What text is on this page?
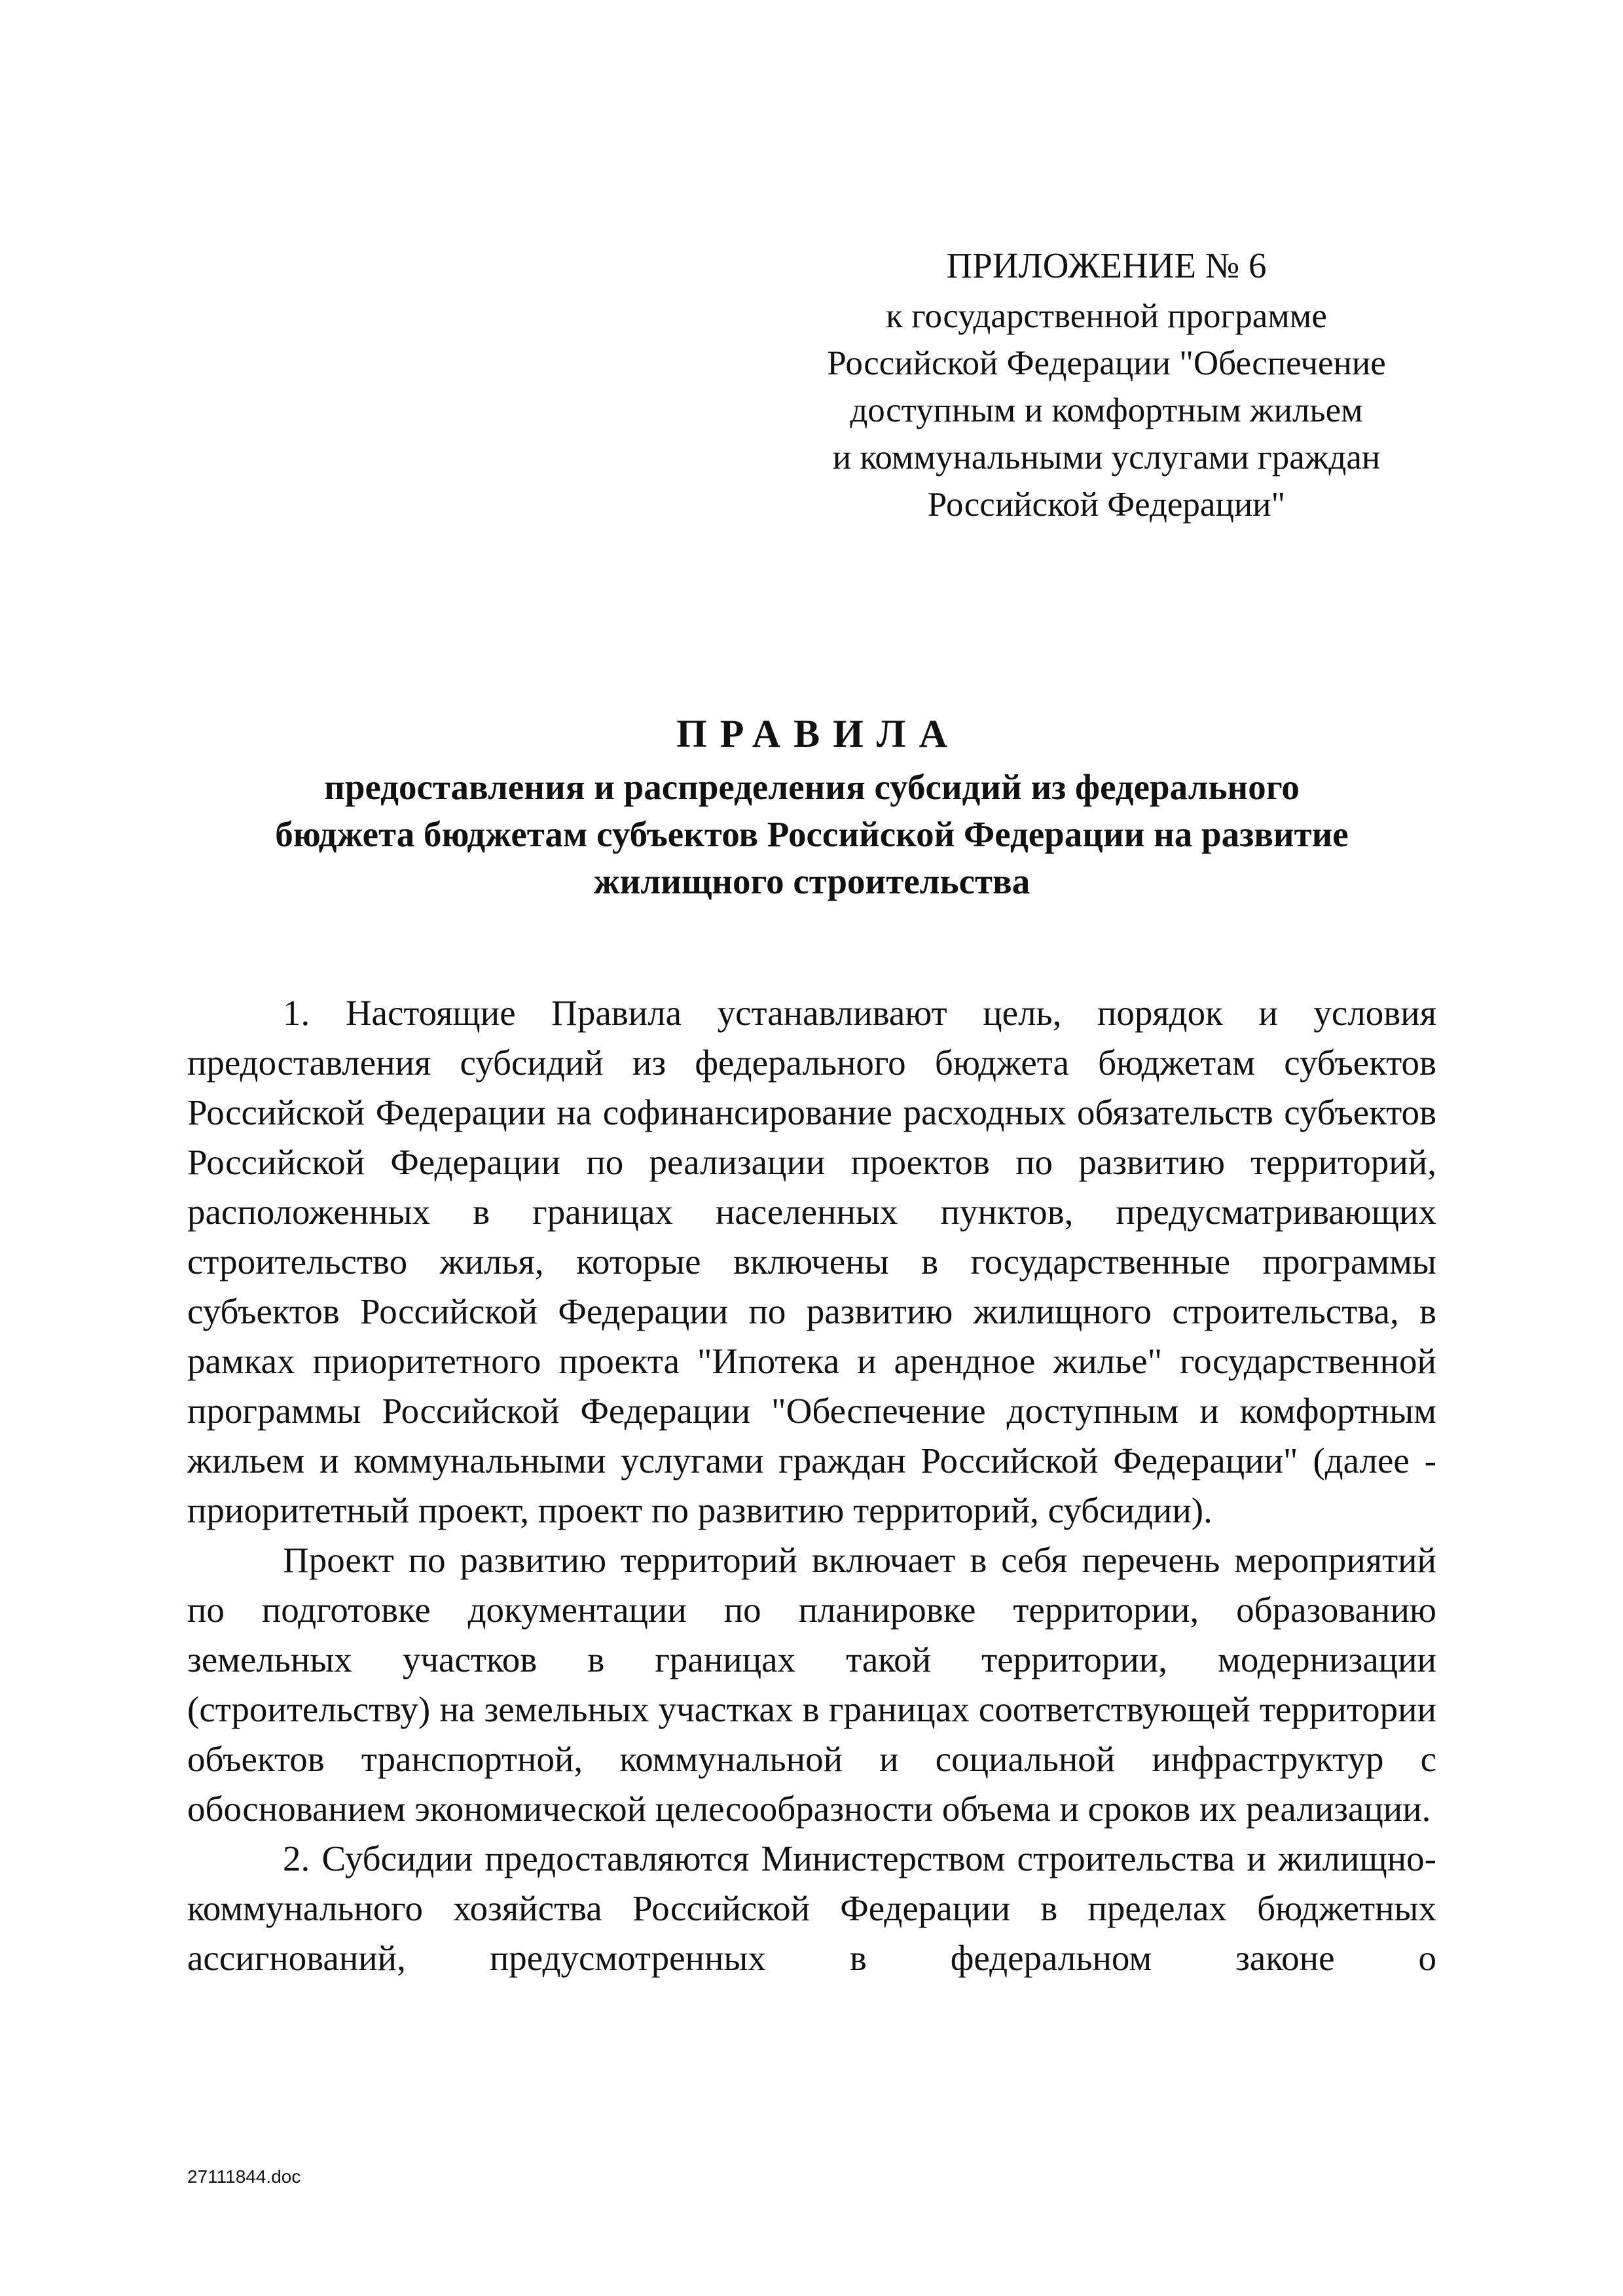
ПРИЛОЖЕНИЕ № 6
к государственной программе
Российской Федерации "Обеспечение
доступным и комфортным жильем
и коммунальными услугами граждан
Российской Федерации"
ПРАВИЛА
предоставления и распределения субсидий из федерального
бюджета бюджетам субъектов Российской Федерации на развитие
жилищного строительства

1. Настоящие Правила устанавливают цель, порядок и условия предоставления субсидий из федерального бюджета бюджетам субъектов Российской Федерации на софинансирование расходных обязательств субъектов Российской Федерации по реализации проектов по развитию территорий, расположенных в границах населенных пунктов, предусматривающих строительство жилья, которые включены в государственные программы субъектов Российской Федерации по развитию жилищного строительства, в рамках приоритетного проекта "Ипотека и арендное жилье" государственной программы Российской Федерации "Обеспечение доступным и комфортным жильем и коммунальными услугами граждан Российской Федерации" (далее - приоритетный проект, проект по развитию территорий, субсидии).

Проект по развитию территорий включает в себя перечень мероприятий по подготовке документации по планировке территории, образованию земельных участков в границах такой территории, модернизации (строительству) на земельных участках в границах соответствующей территории объектов транспортной, коммунальной и социальной инфраструктур с обоснованием экономической целесообразности объема и сроков их реализации.

2. Субсидии предоставляются Министерством строительства и жилищно-коммунального хозяйства Российской Федерации в пределах бюджетных ассигнований, предусмотренных в федеральном законе о

27111844.doc
